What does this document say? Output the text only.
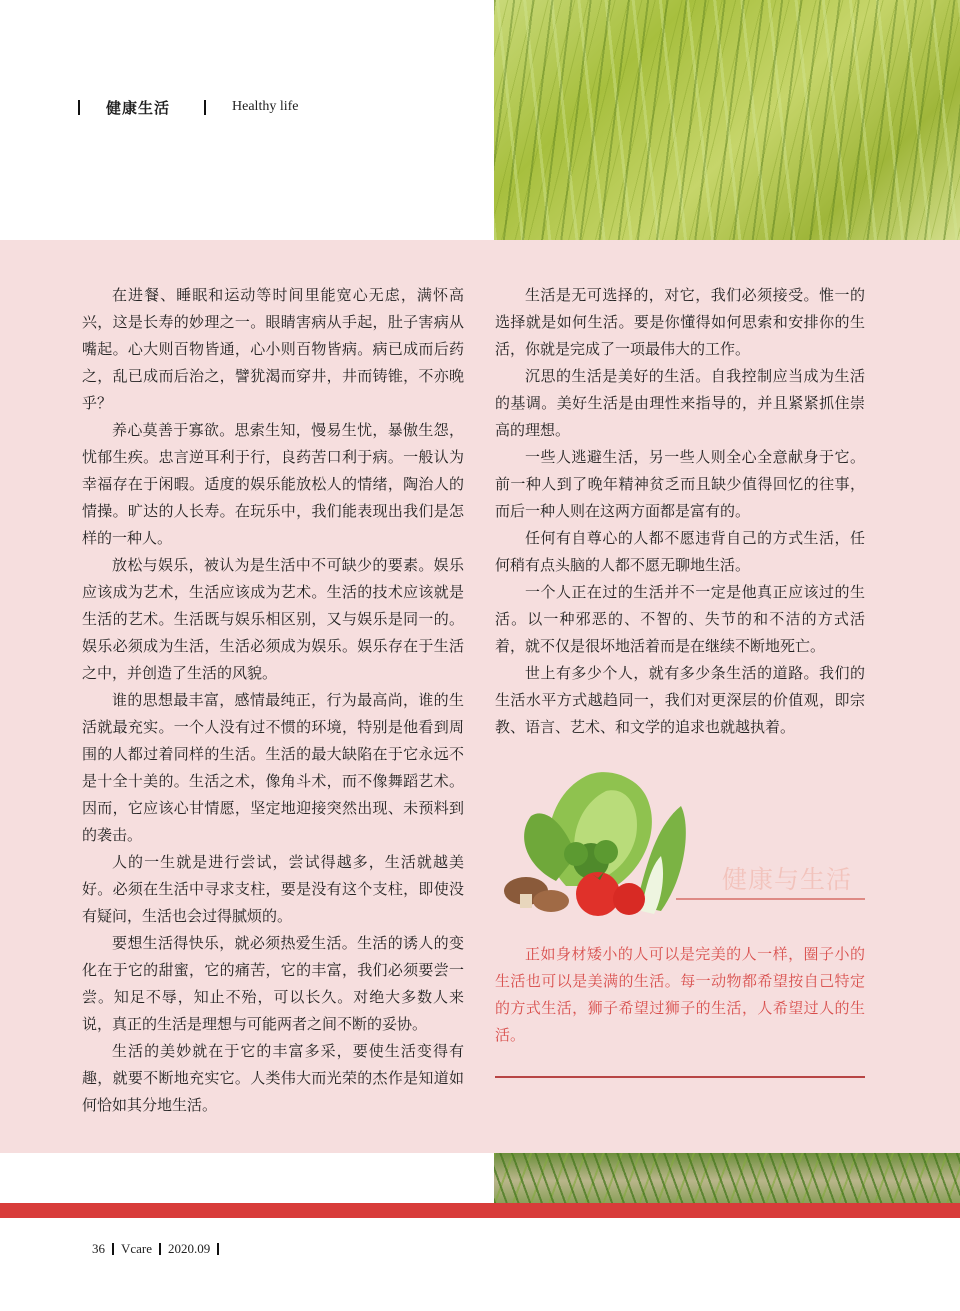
健康生活	Healthy life

在进餐、睡眠和运动等时间里能宽心无虑，满怀高兴，这是长寿的妙理之一。眼睛害病从手起，肚子害病从嘴起。心大则百物皆通，心小则百物皆病。病已成而后药之，乱已成而后治之，譬犹渴而穿井，井而铸锥，不亦晚乎？

养心莫善于寡欲。思索生知，慢易生忧，暴傲生怨，忧郁生疾。忠言逆耳利于行，良药苦口利于病。一般认为幸福存在于闲暇。适度的娱乐能放松人的情绪，陶治人的情操。旷达的人长寿。在玩乐中，我们能表现出我们是怎样的一种人。

放松与娱乐，被认为是生活中不可缺少的要素。娱乐应该成为艺术，生活应该成为艺术。生活的技术应该就是生活的艺术。生活既与娱乐相区别，又与娱乐是同一的。娱乐必须成为生活，生活必须成为娱乐。娱乐存在于生活之中，并创造了生活的风貌。

谁的思想最丰富，感情最纯正，行为最高尚，谁的生活就最充实。一个人没有过不惯的环境，特别是他看到周围的人都过着同样的生活。生活的最大缺陷在于它永远不是十全十美的。生活之术，像角斗术，而不像舞蹈艺术。因而，它应该心甘情愿，坚定地迎接突然出现、未预料到的袭击。

人的一生就是进行尝试，尝试得越多，生活就越美好。必须在生活中寻求支柱，要是没有这个支柱，即使没有疑问，生活也会过得腻烦的。

要想生活得快乐，就必须热爱生活。生活的诱人的变化在于它的甜蜜，它的痛苦，它的丰富，我们必须要尝一尝。知足不辱，知止不殆，可以长久。对绝大多数人来说，真正的生活是理想与可能两者之间不断的妥协。

生活的美妙就在于它的丰富多采，要使生活变得有趣，就要不断地充实它。人类伟大而光荣的杰作是知道如何恰如其分地生活。

生活是无可选择的，对它，我们必须接受。惟一的选择就是如何生活。要是你懂得如何思索和安排你的生活，你就是完成了一项最伟大的工作。

沉思的生活是美好的生活。自我控制应当成为生活的基调。美好生活是由理性来指导的，并且紧紧抓住崇高的理想。

一些人逃避生活，另一些人则全心全意献身于它。前一种人到了晚年精神贫乏而且缺少值得回忆的往事，而后一种人则在这两方面都是富有的。

任何有自尊心的人都不愿违背自己的方式生活，任何稍有点头脑的人都不愿无聊地生活。

一个人正在过的生活并不一定是他真正应该过的生活。以一种邪恶的、不智的、失节的和不洁的方式活着，就不仅是很坏地活着而是在继续不断地死亡。

世上有多少个人，就有多少条生活的道路。我们的生活水平方式越趋同一，我们对更深层的价值观，即宗教、语言、艺术、和文学的追求也就越执着。

健康与生活

正如身材矮小的人可以是完美的人一样，圈子小的生活也可以是美满的生活。每一动物都希望按自己特定的方式生活，狮子希望过狮子的生活，人希望过人的生活。

36 Vcare 2020.09
